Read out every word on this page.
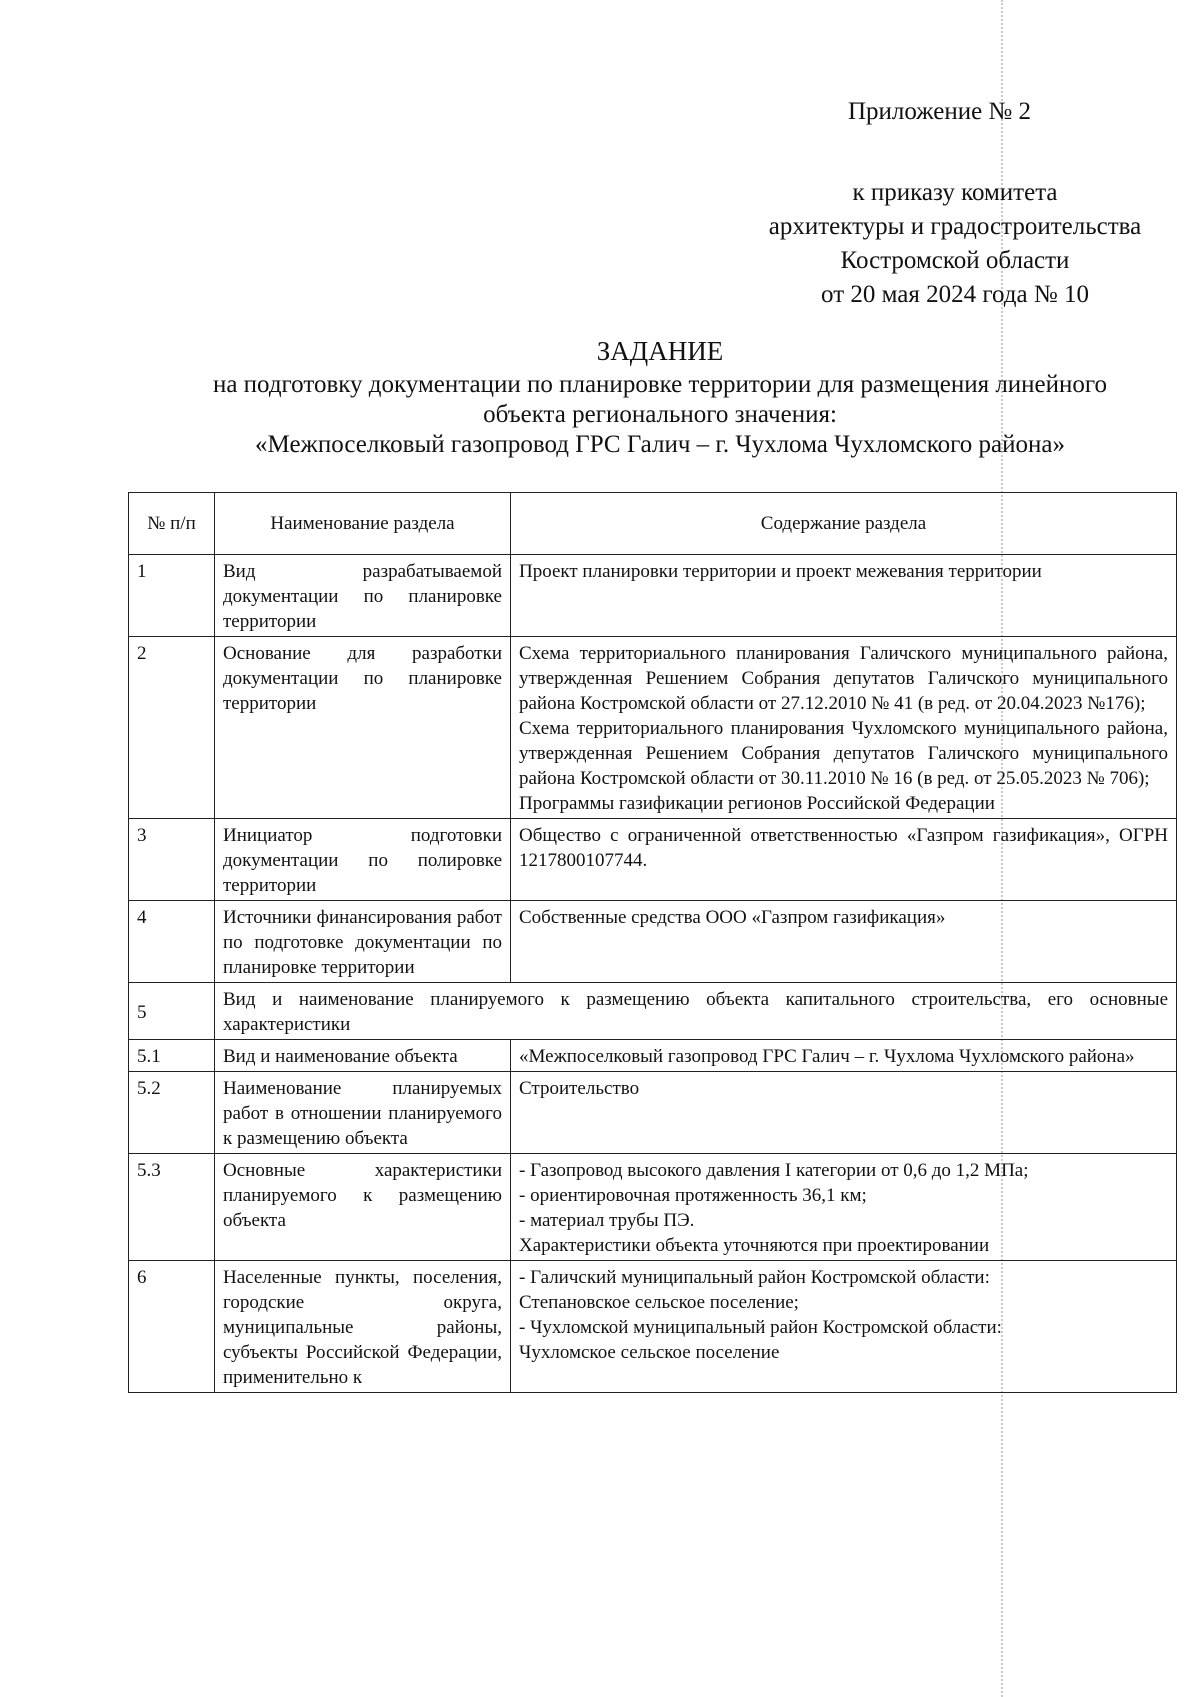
Приложение № 2
к приказу комитета
архитектуры и градостроительства
Костромской области
от 20 мая 2024 года № 10
ЗАДАНИЕ
на подготовку документации по планировке территории для размещения линейного
объекта регионального значения:
«Межпоселковый газопровод ГРС Галич – г. Чухлома Чухломского района»
№ п/п	Наименование раздела	Содержание раздела
1	Вид разрабатываемой документации по планировке территории	Проект планировки территории и проект межевания территории

2	Основание для разработки документации по планировке территории	Схема территориального планирования Галичского муниципального района, утвержденная Решением Собрания депутатов Галичского муниципального района Костромской области от 27.12.2010 № 41 (в ред. от 20.04.2023 №176);
Схема территориального планирования Чухломского муниципального района, утвержденная Решением Собрания депутатов Галичского муниципального района Костромской области от 30.11.2010 № 16 (в ред. от 25.05.2023 № 706);
Программы газификации регионов Российской Федерации

3	Инициатор подготовки документации по полировке территории	Общество с ограниченной ответственностью «Газпром газификация», ОГРН 1217800107744.

4	Источники финансирования работ по подготовке документации по планировке территории	Собственные средства ООО «Газпром газификация»

5	Вид и наименование планируемого к размещению объекта капитального строительства, его основные характеристики	
5.1	Вид и наименование объекта	«Межпоселковый газопровод ГРС Галич – г. Чухлома Чухломского района»

5.2	Наименование планируемых работ в отношении планируемого к размещению объекта	Строительство

5.3	Основные характеристики планируемого к размещению объекта	- Газопровод высокого давления I категории от 0,6 до 1,2 МПа;
- ориентировочная протяженность 36,1 км;
- материал трубы ПЭ.
Характеристики объекта уточняются при проектировании

6	Населенные пункты, поселения, городские округа, муниципальные районы, субъекты Российской Федерации, применительно к	- Галичский муниципальный район Костромской области:
Степановское сельское поселение;
- Чухломской муниципальный район Костромской области:
Чухломское сельское поселение
